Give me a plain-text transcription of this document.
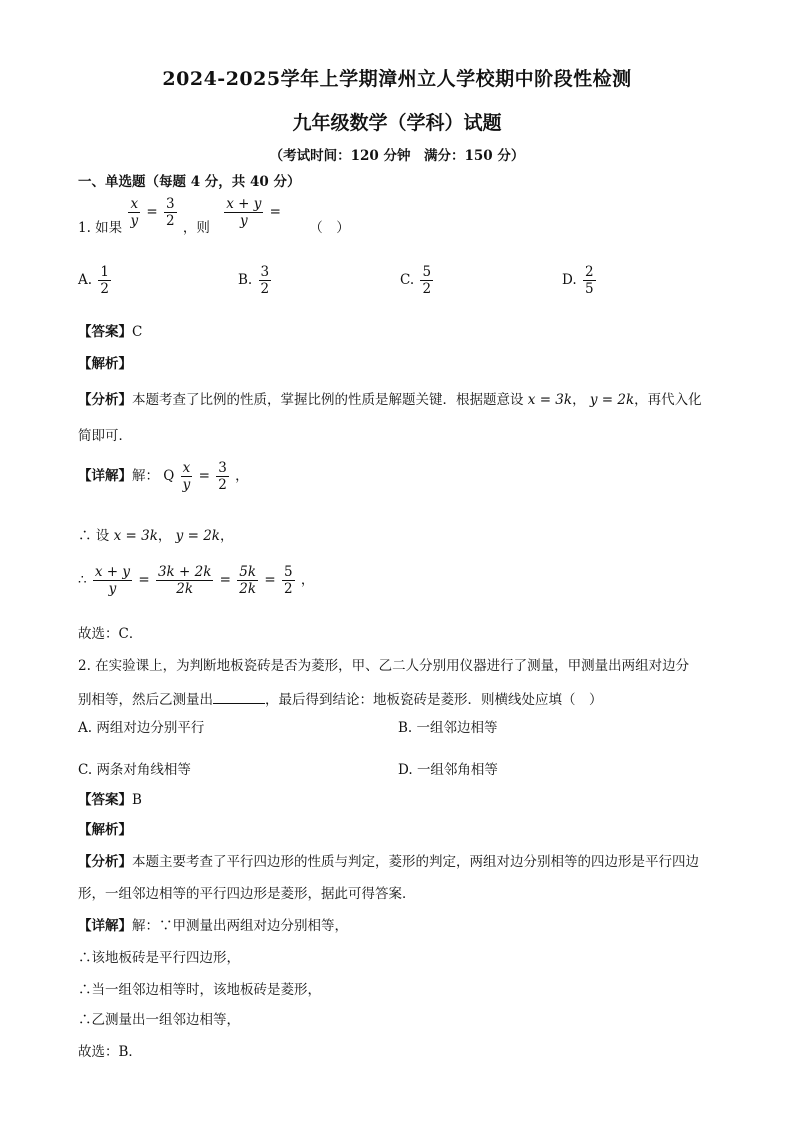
2024-2025学年上学期漳州立人学校期中阶段性检测
九年级数学（学科）试题
（考试时间：120 分钟　满分：150 分）
一、单选题（每题 4 分，共 40 分）
1. 如果 $\frac{x}{y} = \frac{3}{2}$ ，则 $\frac{x + y}{y}$ = （　）
A. $\frac{1}{2}$	B. $\frac{3}{2}$	C. $\frac{5}{2}$	D. $\frac{2}{5}$
【答案】C
【解析】
【分析】本题考查了比例的性质，掌握比例的性质是解题关键．根据题意设 x = 3k， y = 2k，再代入化
简即可．
【详解】解： Q $\frac{x}{y} = \frac{3}{2}$ ，
∴ 设 x = 3k， y = 2k，
∴ $\frac{x + y}{y} = \frac{3k + 2k}{2k} = \frac{5k}{2k} = \frac{5}{2}$ ，
故选：C．
2. 在实验课上，为判断地板瓷砖是否为菱形，甲、乙二人分别用仪器进行了测量，甲测量出两组对边分
别相等，然后乙测量出	，最后得到结论：地板瓷砖是菱形．则横线处应填（　）
A. 两组对边分别平行	B. 一组邻边相等
C. 两条对角线相等	D. 一组邻角相等
【答案】B
【解析】
【分析】本题主要考查了平行四边形的性质与判定，菱形的判定，两组对边分别相等的四边形是平行四边
形，一组邻边相等的平行四边形是菱形，据此可得答案．
【详解】解：∵甲测量出两组对边分别相等，
∴该地板砖是平行四边形，
∴当一组邻边相等时，该地板砖是菱形，
∴乙测量出一组邻边相等，
故选：B．
